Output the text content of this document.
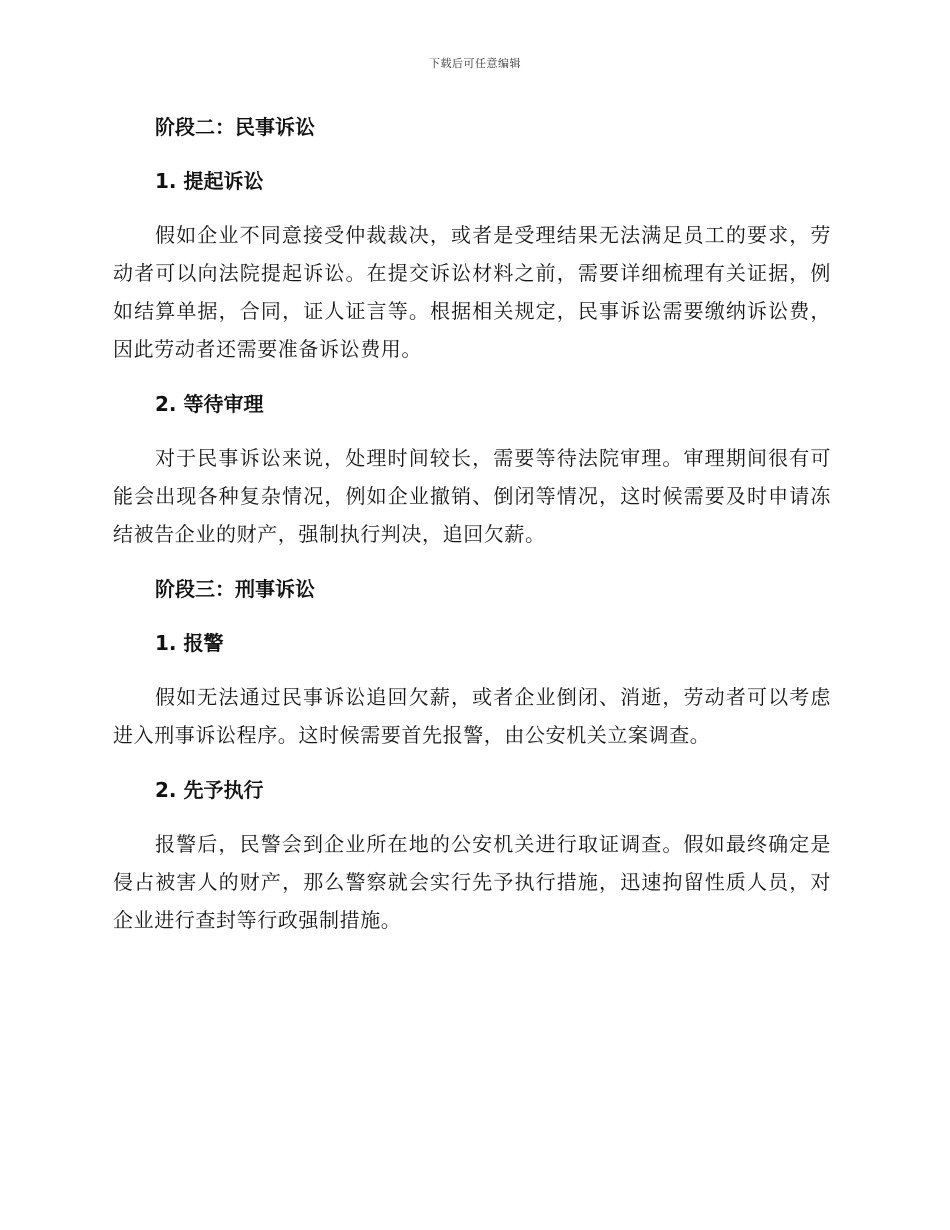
下载后可任意编辑
阶段二：民事诉讼
1. 提起诉讼

假如企业不同意接受仲裁裁决，或者是受理结果无法满足员工的要求，劳动者可以向法院提起诉讼。在提交诉讼材料之前，需要详细梳理有关证据，例如结算单据，合同，证人证言等。根据相关规定，民事诉讼需要缴纳诉讼费，因此劳动者还需要准备诉讼费用。

2. 等待审理

对于民事诉讼来说，处理时间较长，需要等待法院审理。审理期间很有可能会出现各种复杂情况，例如企业撤销、倒闭等情况，这时候需要及时申请冻结被告企业的财产，强制执行判决，追回欠薪。

阶段三：刑事诉讼
1. 报警

假如无法通过民事诉讼追回欠薪，或者企业倒闭、消逝，劳动者可以考虑进入刑事诉讼程序。这时候需要首先报警，由公安机关立案调查。

2. 先予执行

报警后，民警会到企业所在地的公安机关进行取证调查。假如最终确定是侵占被害人的财产，那么警察就会实行先予执行措施，迅速拘留性质人员，对企业进行查封等行政强制措施。
